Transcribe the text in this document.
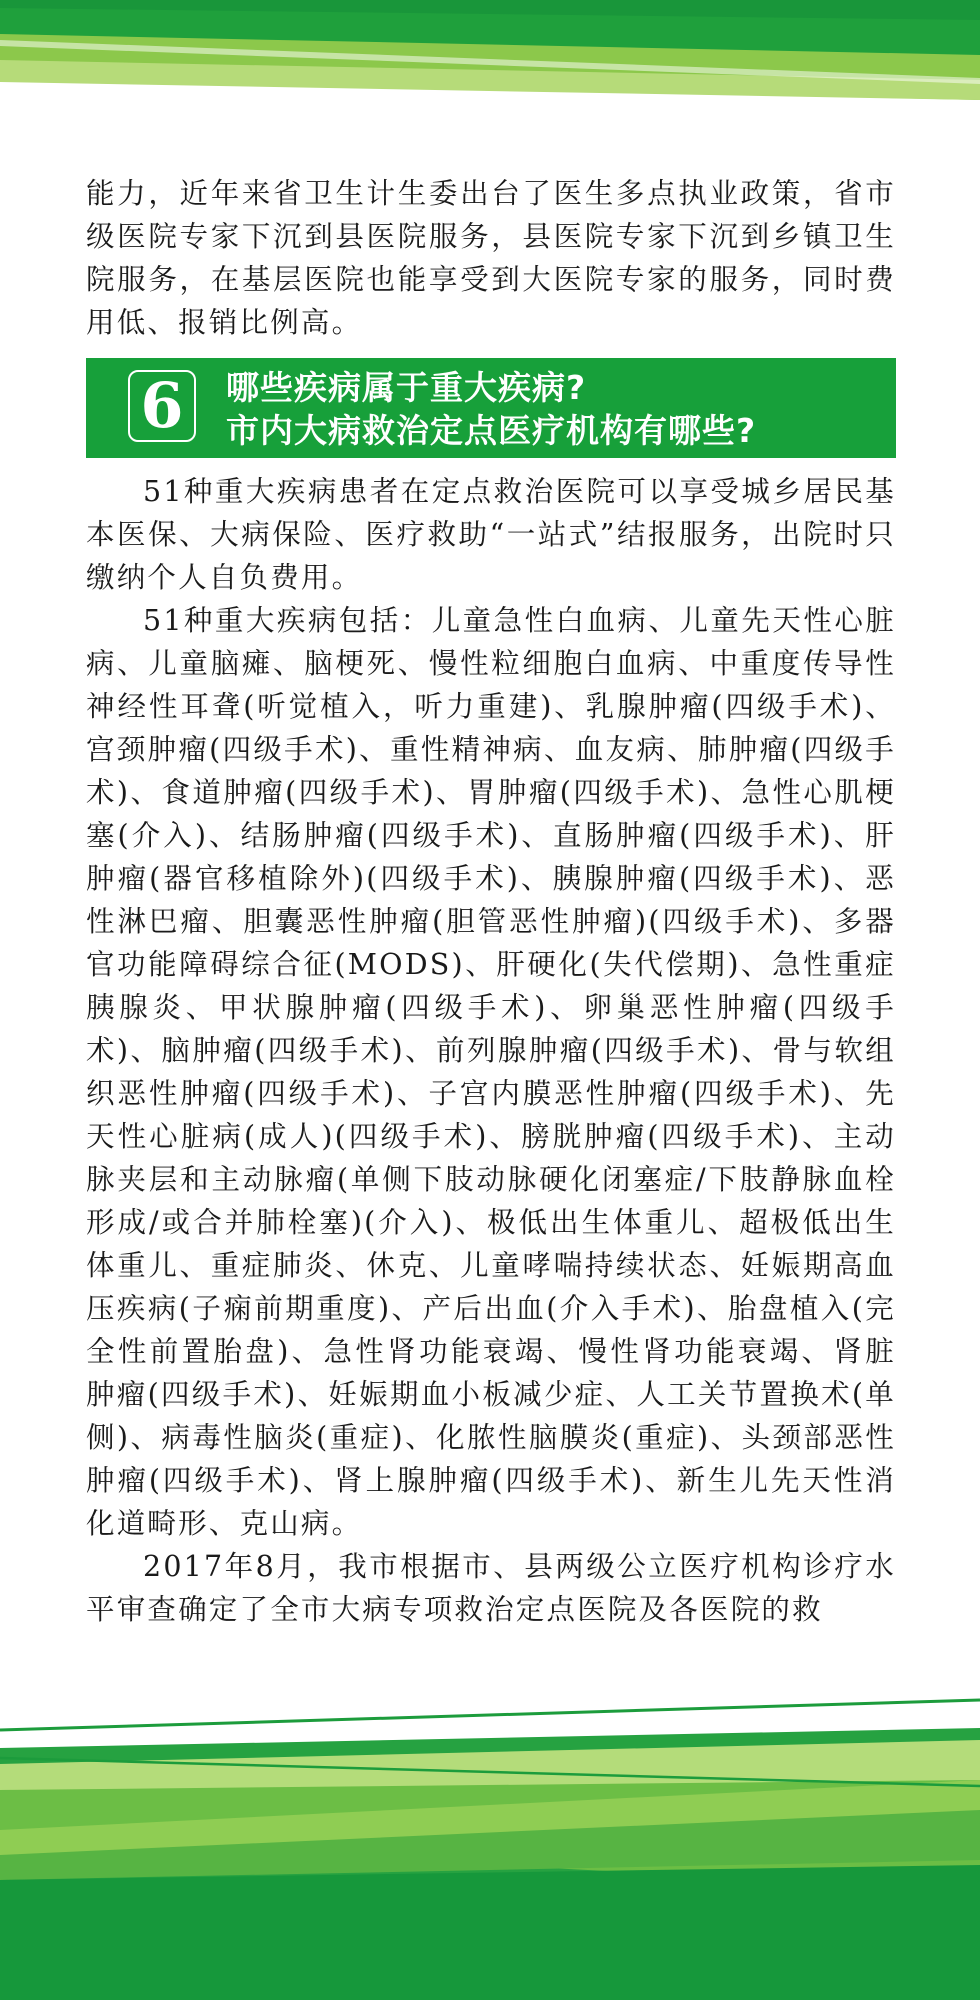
能力，近年来省卫生计生委出台了医生多点执业政策，省市级医院专家下沉到县医院服务，县医院专家下沉到乡镇卫生院服务，在基层医院也能享受到大医院专家的服务，同时费用低、报销比例高。

6	哪些疾病属于重大疾病?
市内大病救治定点医疗机构有哪些?

51种重大疾病患者在定点救治医院可以享受城乡居民基本医保、大病保险、医疗救助“一站式”结报服务，出院时只缴纳个人自负费用。

51种重大疾病包括：儿童急性白血病、儿童先天性心脏病、儿童脑瘫、脑梗死、慢性粒细胞白血病、中重度传导性神经性耳聋(听觉植入，听力重建)、乳腺肿瘤(四级手术)、宫颈肿瘤(四级手术)、重性精神病、血友病、肺肿瘤(四级手术)、食道肿瘤(四级手术)、胃肿瘤(四级手术)、急性心肌梗塞(介入)、结肠肿瘤(四级手术)、直肠肿瘤(四级手术)、肝肿瘤(器官移植除外)(四级手术)、胰腺肿瘤(四级手术)、恶性淋巴瘤、胆囊恶性肿瘤(胆管恶性肿瘤)(四级手术)、多器官功能障碍综合征(MODS)、肝硬化(失代偿期)、急性重症胰腺炎、甲状腺肿瘤(四级手术)、卵巢恶性肿瘤(四级手术)、脑肿瘤(四级手术)、前列腺肿瘤(四级手术)、骨与软组织恶性肿瘤(四级手术)、子宫内膜恶性肿瘤(四级手术)、先天性心脏病(成人)(四级手术)、膀胱肿瘤(四级手术)、主动脉夹层和主动脉瘤(单侧下肢动脉硬化闭塞症/下肢静脉血栓形成/或合并肺栓塞)(介入)、极低出生体重儿、超极低出生体重儿、重症肺炎、休克、儿童哮喘持续状态、妊娠期高血压疾病(子痫前期重度)、产后出血(介入手术)、胎盘植入(完全性前置胎盘)、急性肾功能衰竭、慢性肾功能衰竭、肾脏肿瘤(四级手术)、妊娠期血小板减少症、人工关节置换术(单侧)、病毒性脑炎(重症)、化脓性脑膜炎(重症)、头颈部恶性肿瘤(四级手术)、肾上腺肿瘤(四级手术)、新生儿先天性消化道畸形、克山病。

2017年8月，我市根据市、县两级公立医疗机构诊疗水平审查确定了全市大病专项救治定点医院及各医院的救
